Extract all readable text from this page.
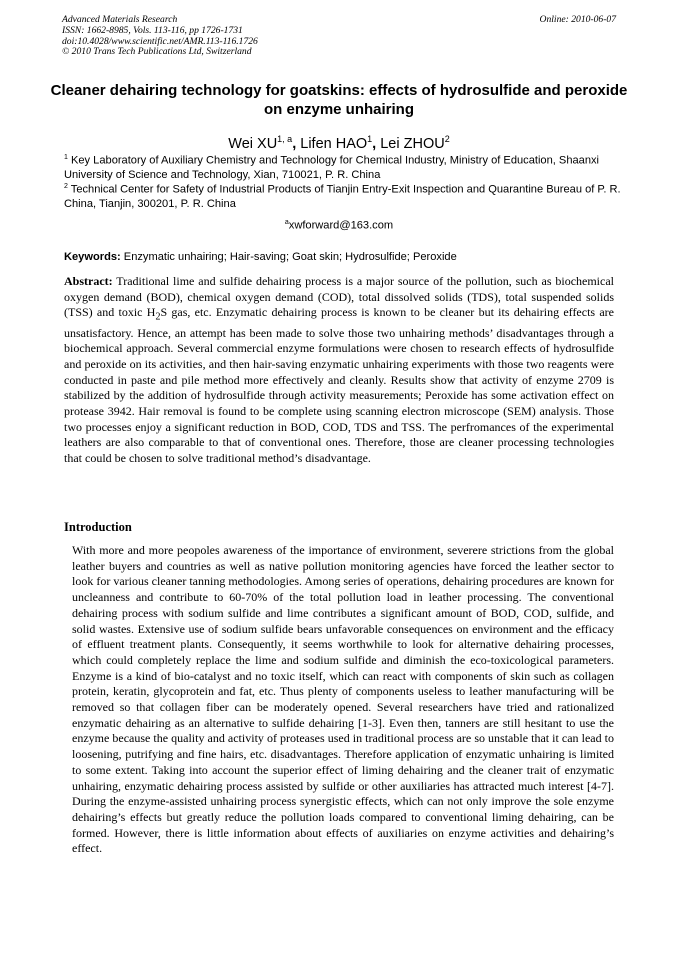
Advanced Materials Research
ISSN: 1662-8985, Vols. 113-116, pp 1726-1731
doi:10.4028/www.scientific.net/AMR.113-116.1726
© 2010 Trans Tech Publications Ltd, Switzerland
Online: 2010-06-07
Cleaner dehairing technology for goatskins: effects of hydrosulfide and peroxide on enzyme unhairing
Wei XU$^{1, a}$, Lifen HAO$^1$, Lei ZHOU$^2$
$^1$ Key Laboratory of Auxiliary Chemistry and Technology for Chemical Industry, Ministry of Education, Shaanxi University of Science and Technology, Xian, 710021, P. R. China
$^2$ Technical Center for Safety of Industrial Products of Tianjin Entry-Exit Inspection and Quarantine Bureau of P. R. China, Tianjin, 300201, P. R. China
$^a$xwforward@163.com
Keywords: Enzymatic unhairing; Hair-saving; Goat skin; Hydrosulfide; Peroxide
Abstract: Traditional lime and sulfide dehairing process is a major source of the pollution, such as biochemical oxygen demand (BOD), chemical oxygen demand (COD), total dissolved solids (TDS), total suspended solids (TSS) and toxic $H_2S$ gas, etc. Enzymatic dehairing process is known to be cleaner but its dehairing effects are unsatisfactory. Hence, an attempt has been made to solve those two unhairing methods’ disadvantages through a biochemical approach. Several commercial enzyme formulations were chosen to research effects of hydrosulfide and peroxide on its activities, and then hair-saving enzymatic unhairing experiments with those two reagents were conducted in paste and pile method more effectively and cleanly. Results show that activity of enzyme 2709 is stabilized by the addition of hydrosulfide through activity measurements; Peroxide has some activation effect on protease 3942. Hair removal is found to be complete using scanning electron microscope (SEM) analysis. Those two processes enjoy a significant reduction in BOD, COD, TDS and TSS. The perfromances of the experimental leathers are also comparable to that of conventional ones. Therefore, those are cleaner processing technologies that could be chosen to solve traditional method’s disadvantage.
Introduction
With more and more peopoles awareness of the importance of environment, severere strictions from the global leather buyers and countries as well as native pollution monitoring agencies have forced the leather sector to look for various cleaner tanning methodologies. Among series of operations, dehairing procedures are known for uncleanness and contribute to 60-70% of the total pollution load in leather processing. The conventional dehairing process with sodium sulfide and lime contributes a significant amount of BOD, COD, sulfide, and solid wastes. Extensive use of sodium sulfide bears unfavorable consequences on environment and the efficacy of effluent treatment plants. Consequently, it seems worthwhile to look for alternative dehairing processes, which could completely replace the lime and sodium sulfide and diminish the eco-toxicological parameters. Enzyme is a kind of bio-catalyst and no toxic itself, which can react with components of skin such as collagen protein, keratin, glycoprotein and fat, etc. Thus plenty of components useless to leather manufacturing will be removed so that collagen fiber can be moderately opened. Several researchers have tried and rationalized enzymatic dehairing as an alternative to sulfide dehairing [1-3]. Even then, tanners are still hesitant to use the enzyme because the quality and activity of proteases used in traditional process are so unstable that it can lead to loosening, putrifying and fine hairs, etc. disadvantages. Therefore application of enzymatic unhairing is limited to some extent. Taking into account the superior effect of liming dehairing and the cleaner trait of enzymatic unhairing, enzymatic dehairing process assisted by sulfide or other auxiliaries has attracted much interest [4-7]. During the enzyme-assisted unhairing process synergistic effects, which can not only improve the sole enzyme dehairing’s effects but greatly reduce the pollution loads compared to conventional liming dehairing, can be formed. However, there is little information about effects of auxiliaries on enzyme activities and dehairing’s effect.
